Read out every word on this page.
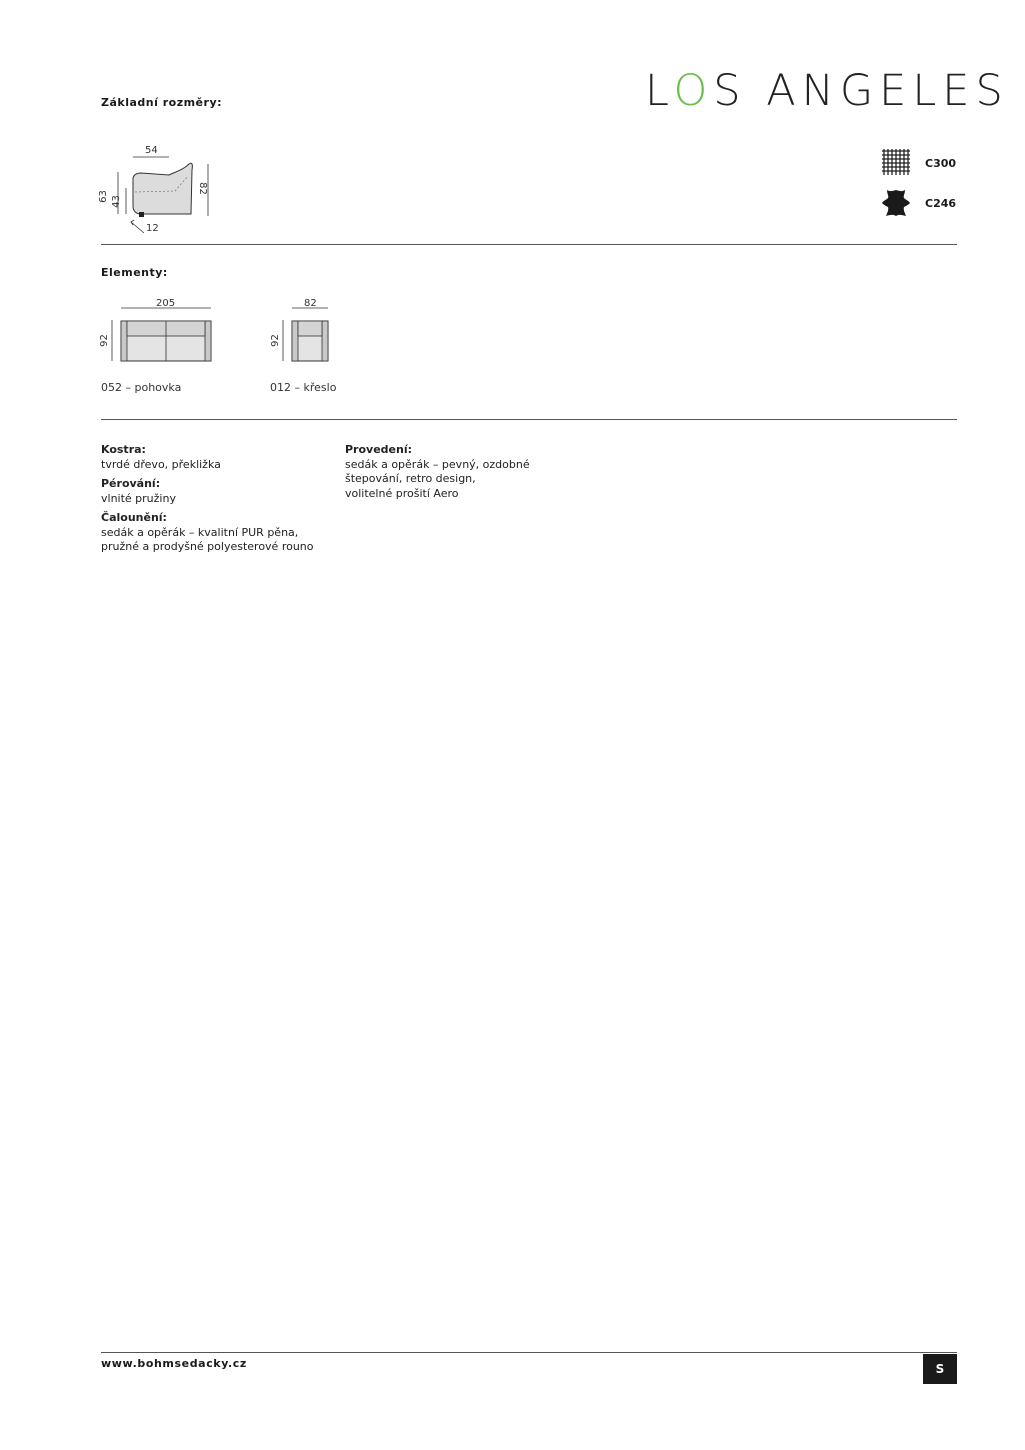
Základní rozměry:	LOS ANGELES
C300
C246
54
63 43
82
12
Elementy:
205
92
052 – pohovka
82
92
012 – křeslo
Kostra:
tvrdé dřevo, překližka
Pérování:
vlnité pružiny
Čalounění:
sedák a opěrák – kvalitní PUR pěna,
pružné a prodyšné polyesterové rouno
Provedení:
sedák a opěrák – pevný, ozdobné
štepování, retro design,
volitelné prošití Aero
www.bohmsedacky.cz	S
